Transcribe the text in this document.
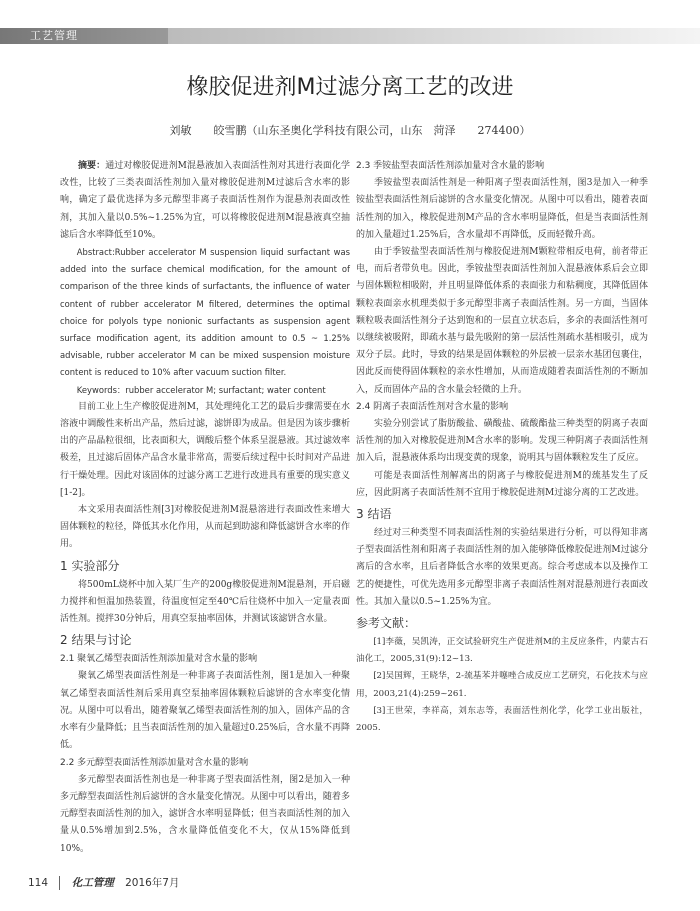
工艺管理
橡胶促进剂M过滤分离工艺的改进
刘敏　　皎雪鹏（山东圣奥化学科技有限公司，山东　菏泽　　274400）

摘要：通过对橡胶促进剂M混悬液加入表面活性剂对其进行表面化学改性，比较了三类表面活性剂加入量对橡胶促进剂M过滤后含水率的影响，确定了最优选择为多元醇型非离子表面活性剂作为混悬剂表面改性剂，其加入量以0.5%~1.25%为宜，可以将橡胶促进剂M混悬液真空抽滤后含水率降低至10%。

Abstract:Rubber accelerator M suspension liquid surfactant was added into the surface chemical modification, for the amount of comparison of the three kinds of surfactants, the influence of water content of rubber accelerator M filtered, determines the optimal choice for polyols type nonionic surfactants as suspension agent surface modification agent, its addition amount to 0.5 ~ 1.25% advisable, rubber accelerator M can be mixed suspension moisture content is reduced to 10% after vacuum suction filter.

Keywords：rubber accelerator M; surfactant; water content

目前工业上生产橡胶促进剂M，其处理纯化工艺的最后步骤需要在水溶液中调酸性来析出产品，然后过滤，滤饼即为成品。但是因为该步骤析出的产品晶粒很细，比表面积大，调酸后整个体系呈混悬液。其过滤效率极差，且过滤后固体产品含水量非常高，需要后续过程中长时间对产品进行干燥处理。因此对该固体的过滤分离工艺进行改进具有重要的现实意义[1-2]。

本文采用表面活性剂[3]对橡胶促进剂M混悬溶进行表面改性来增大固体颗粒的粒径，降低其水化作用，从而起到助滤和降低滤饼含水率的作用。

1 实验部分

将500mL烧杯中加入某厂生产的200g橡胶促进剂M混悬剂，开启磁力搅拌和恒温加热装置，待温度恒定至40℃后往烧杯中加入一定量表面活性剂。搅拌30分钟后，用真空泵抽率固体，并测试该滤饼含水量。

2 结果与讨论
2.1 聚氧乙烯型表面活性剂添加量对含水量的影响

聚氧乙烯型表面活性剂是一种非离子表面活性剂，图1是加入一种聚氧乙烯型表面活性剂后采用真空泵抽率固体颗粒后滤饼的含水率变化情况。从图中可以看出，随着聚氧乙烯型表面活性剂的加入，固体产品的含水率有少量降低；且当表面活性剂的加入量超过0.25%后，含水量不再降低。

2.2 多元醇型表面活性剂添加量对含水量的影响

多元醇型表面活性剂也是一种非离子型表面活性剂，图2是加入一种多元醇型表面活性剂后滤饼的含水量变化情况。从图中可以看出，随着多元醇型表面活性剂的加入，滤饼含水率明显降低；但当表面活性剂的加入量从0.5%增加到2.5%，含水量降低值变化不大，仅从15%降低到10%。

2.3 季铵盐型表面活性剂添加量对含水量的影响

季铵盐型表面活性剂是一种阳离子型表面活性剂，图3是加入一种季铵盐型表面活性剂后滤饼的含水量变化情况。从图中可以看出，随着表面活性剂的加入，橡胶促进剂M产品的含水率明显降低，但是当表面活性剂的加入量超过1.25%后，含水量却不再降低，反而轻微升高。

由于季铵盐型表面活性剂与橡胶促进剂M颗粒带相反电荷，前者带正电，而后者带负电。因此，季铵盐型表面活性剂加入混悬液体系后会立即与固体颗粒相吸附，并且明显降低体系的表面张力和粘稠度，其降低固体颗粒表面亲水机理类似于多元醇型非离子表面活性剂。另一方面，当固体颗粒吸表面活性剂分子达到饱和的一层直立状态后，多余的表面活性剂可以继续被吸附，即疏水基与最先吸附的第一层活性剂疏水基相吸引，成为双分子层。此时，导致的结果是固体颗粒的外层被一层亲水基团包裹住，因此反而使得固体颗粒的亲水性增加，从而造成随着表面活性剂的不断加入，反而固体产品的含水量会轻微的上升。

2.4 阴离子表面活性剂对含水量的影响

实验分别尝试了脂肪酸盐、磺酸盐、硫酸酯盐三种类型的阴离子表面活性剂的加入对橡胶促进剂M含水率的影响。发现三种阴离子表面活性剂加入后，混悬液体系均出现变黄的现象，说明其与固体颗粒发生了反应。

可能是表面活性剂解离出的阴离子与橡胶促进剂M的巯基发生了反应，因此阴离子表面活性剂不宜用于橡胶促进剂M过滤分离的工艺改进。

3 结语

经过对三种类型不同表面活性剂的实验结果进行分析，可以得知非离子型表面活性剂和阳离子表面活性剂的加入能够降低橡胶促进剂M过滤分离后的含水率，且后者降低含水率的效果更高。综合考虑成本以及操作工艺的便捷性，可优先选用多元醇型非离子表面活性剂对混悬剂进行表面改性。其加入量以0.5~1.25%为宜。

参考文献：

[1]李薇，吴凯涛，正交试验研究生产促进剂M的主反应条件，内蒙古石油化工，2005,31(9):12~13.

[2]吴国辉，王晓华，2-巯基苯并噻唑合成反应工艺研究，石化技术与应用，2003,21(4):259~261.

[3]王世荣，李祥高，刘东志等，表面活性剂化学，化学工业出版社，2005.

114 化工管理 2016年7月
